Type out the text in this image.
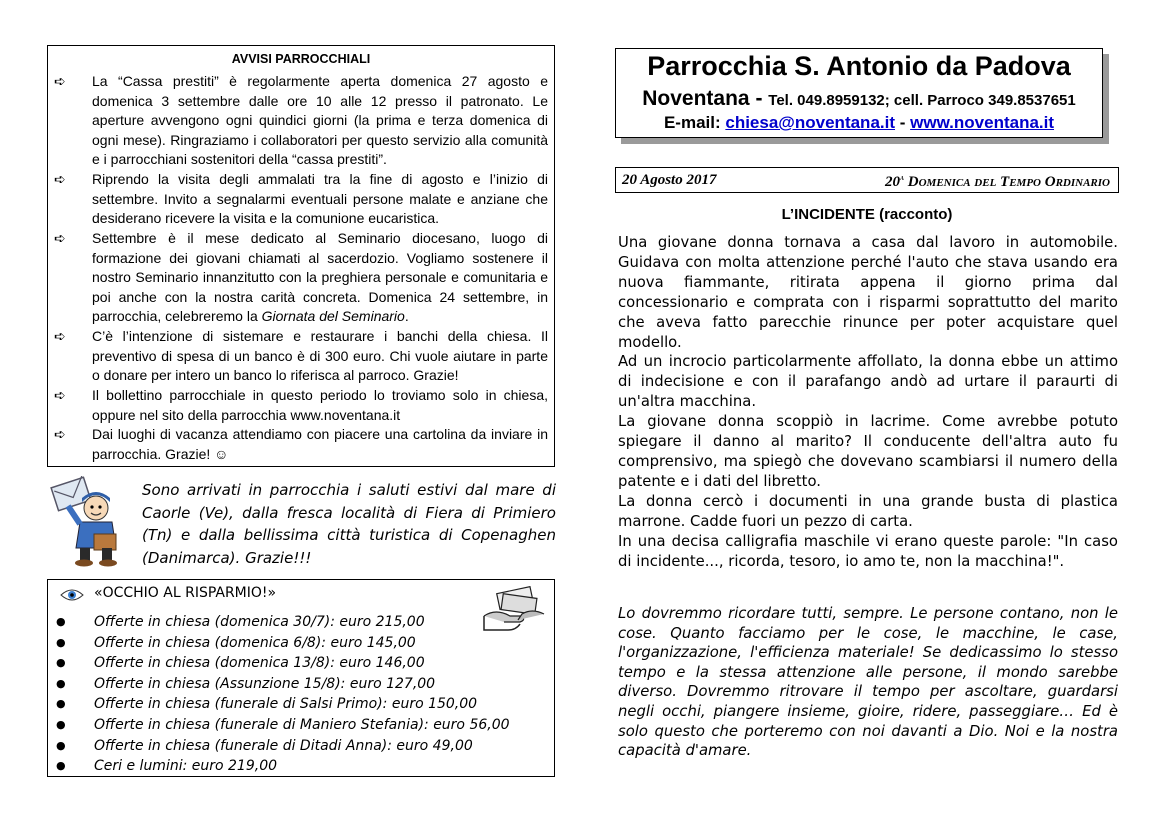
AVVISI PARROCCHIALI
➪	La “Cassa prestiti” è regolarmente aperta domenica 27 agosto e domenica 3 settembre dalle ore 10 alle 12 presso il patronato. Le aperture avvengono ogni quindici giorni (la prima e terza domenica di ogni mese). Ringraziamo i collaboratori per questo servizio alla comunità e i parrocchiani sostenitori della “cassa prestiti”.
➪	Riprendo la visita degli ammalati tra la fine di agosto e l’inizio di settembre. Invito a segnalarmi eventuali persone malate e anziane che desiderano ricevere la visita e la comunione eucaristica.
➪	Settembre è il mese dedicato al Seminario diocesano, luogo di formazione dei giovani chiamati al sacerdozio. Vogliamo sostenere il nostro Seminario innanzitutto con la preghiera personale e comunitaria e poi anche con la nostra carità concreta. Domenica 24 settembre, in parrocchia, celebreremo la Giornata del Seminario.
➪	C’è l’intenzione di sistemare e restaurare i banchi della chiesa. Il preventivo di spesa di un banco è di 300 euro. Chi vuole aiutare in parte o donare per intero un banco lo riferisca al parroco. Grazie!
➪	Il bollettino parrocchiale in questo periodo lo troviamo solo in chiesa, oppure nel sito della parrocchia www.noventana.it
➪	Dai luoghi di vacanza attendiamo con piacere una cartolina da inviare in parrocchia. Grazie! ☺
Sono arrivati in parrocchia i saluti estivi dal mare di Caorle (Ve), dalla fresca località di Fiera di Primiero (Tn) e dalla bellissima città turistica di Copenaghen (Danimarca). Grazie!!!
«OCCHIO AL RISPARMIO!»
● Offerte in chiesa (domenica 30/7): euro 215,00
● Offerte in chiesa (domenica 6/8): euro 145,00
● Offerte in chiesa (domenica 13/8): euro 146,00
● Offerte in chiesa (Assunzione 15/8): euro 127,00
● Offerte in chiesa (funerale di Salsi Primo): euro 150,00
● Offerte in chiesa (funerale di Maniero Stefania): euro 56,00
● Offerte in chiesa (funerale di Ditadi Anna): euro 49,00
● Ceri e lumini: euro 219,00
Parrocchia S. Antonio da Padova
Noventana - Tel. 049.8959132; cell. Parroco 349.8537651
E-mail: chiesa@noventana.it - www.noventana.it
20 Agosto 2017	20$^a$ Domenica del Tempo Ordinario
L’INCIDENTE (racconto)

Una giovane donna tornava a casa dal lavoro in automobile. Guidava con molta attenzione perché l'auto che stava usando era nuova fiammante, ritirata appena il giorno prima dal concessionario e comprata con i risparmi soprattutto del marito che aveva fatto parecchie rinunce per poter acquistare quel modello.

Ad un incrocio particolarmente affollato, la donna ebbe un attimo di indecisione e con il parafango andò ad urtare il paraurti di un'altra macchina.

La giovane donna scoppiò in lacrime. Come avrebbe potuto spiegare il danno al marito? Il conducente dell'altra auto fu comprensivo, ma spiegò che dovevano scambiarsi il numero della patente e i dati del libretto.

La donna cercò i documenti in una grande busta di plastica marrone. Cadde fuori un pezzo di carta.

In una decisa calligrafia maschile vi erano queste parole: "In caso di incidente..., ricorda, tesoro, io amo te, non la macchina!".

Lo dovremmo ricordare tutti, sempre. Le persone contano, non le cose. Quanto facciamo per le cose, le macchine, le case, l'organizzazione, l'efficienza materiale! Se dedicassimo lo stesso tempo e la stessa attenzione alle persone, il mondo sarebbe diverso. Dovremmo ritrovare il tempo per ascoltare, guardarsi negli occhi, piangere insieme, gioire, ridere, passeggiare… Ed è solo questo che porteremo con noi davanti a Dio. Noi e la nostra capacità d'amare.
